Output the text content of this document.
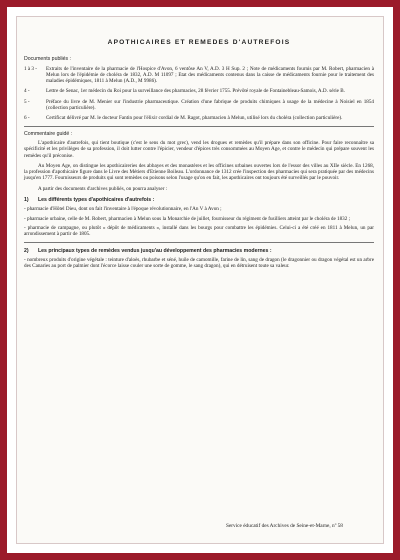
APOTHICAIRES ET REMEDES D'AUTREFOIS
Documents publiés :
1 à 3 -	Extraits de l'inventaire de la pharmacie de l'Hospice d'Avon, 6 ventôse An V, A.D. 3 H Sup. 2 ; Note de médicaments fournis par M. Robert, pharmacien à Melun lors de l'épidémie de choléra de 1832, A.D. M 11097 ; Etat des médicaments contenus dans la caisse de médicaments fournie pour le traitement des maladies épidémiques, 1811 à Melun (A.D., M 9986).
4 -	Lettre de Senac, 1er médecin du Roi pour la surveillance des pharmacies, 28 février 1755. Prévôté royale de Fontainebleau-Samois, A.D. série B.
5 -	Préface du livre de M. Menier sur l'industrie pharmaceutique. Création d'une fabrique de produits chimiques à usage de la médecine à Noisiel en 1854 (collection particulière).
6 -	Certificat délivré par M. le docteur Fantin pour l'élixir cordial de M. Ragot, pharmacien à Melun, utilisé lors du choléra (collection particulière).
Commentaire guidé :

L'apothicaire d'autrefois, qui tient boutique (c'est le sens du mot grec), vend les drogues et remèdes qu'il prépare dans son officine. Pour faire reconnaître sa spécificité et les privilèges de sa profession, il doit lutter contre l'épicier, vendeur d'épices très consommées au Moyen Age, et contre le médecin qui prépare souvent les remèdes qu'il préconise.

Au Moyen Age, on distingue les apothicaireries des abbayes et des monastères et les officines urbaines ouvertes lors de l'essor des villes au XIIe siècle. En 1268, la profession d'apothicaire figure dans le Livre des Métiers d'Etienne Boileau. L'ordonnance de 1312 crée l'inspection des pharmacies qui sera pratiquée par des médecins jusqu'en 1777. Fournisseurs de produits qui sont remèdes ou poisons selon l'usage qu'on en fait, les apothicaires ont toujours été surveillés par le pouvoir.

A partir des documents d'archives publiés, on pourra analyser :

1)	Les différents types d'apothicaires d'autrefois :

- pharmacie d'Hôtel Dieu, dont on fait l'inventaire à l'époque révolutionnaire, en l'An V à Avon ;

- pharmacie urbaine, celle de M. Robert, pharmacien à Melun sous la Monarchie de juillet, fournisseur du régiment de fusilliers atteint par le choléra de 1832 ;

- pharmacie de campagne, ou plutôt « dépôt de médicaments », installé dans les bourgs pour combattre les épidémies. Celui-ci a été créé en 1811 à Melun, un par arrondissement à partir de 1805.

2)	Les principaux types de remèdes vendus jusqu'au développement des pharmacies modernes :

- nombreux produits d'origine végétale : teinture d'aloès, rhubarbe et séné, huile de camomille, farine de lin, sang de dragon (le dragonnier ou dragon végétal est un arbre des Canaries au port de palmier dont l'écorce laisse couler une sorte de gomme, le sang dragon), qui en détruisent toute sa valeur.

Service éducatif des Archives de Seine-et-Marne, nº 58
